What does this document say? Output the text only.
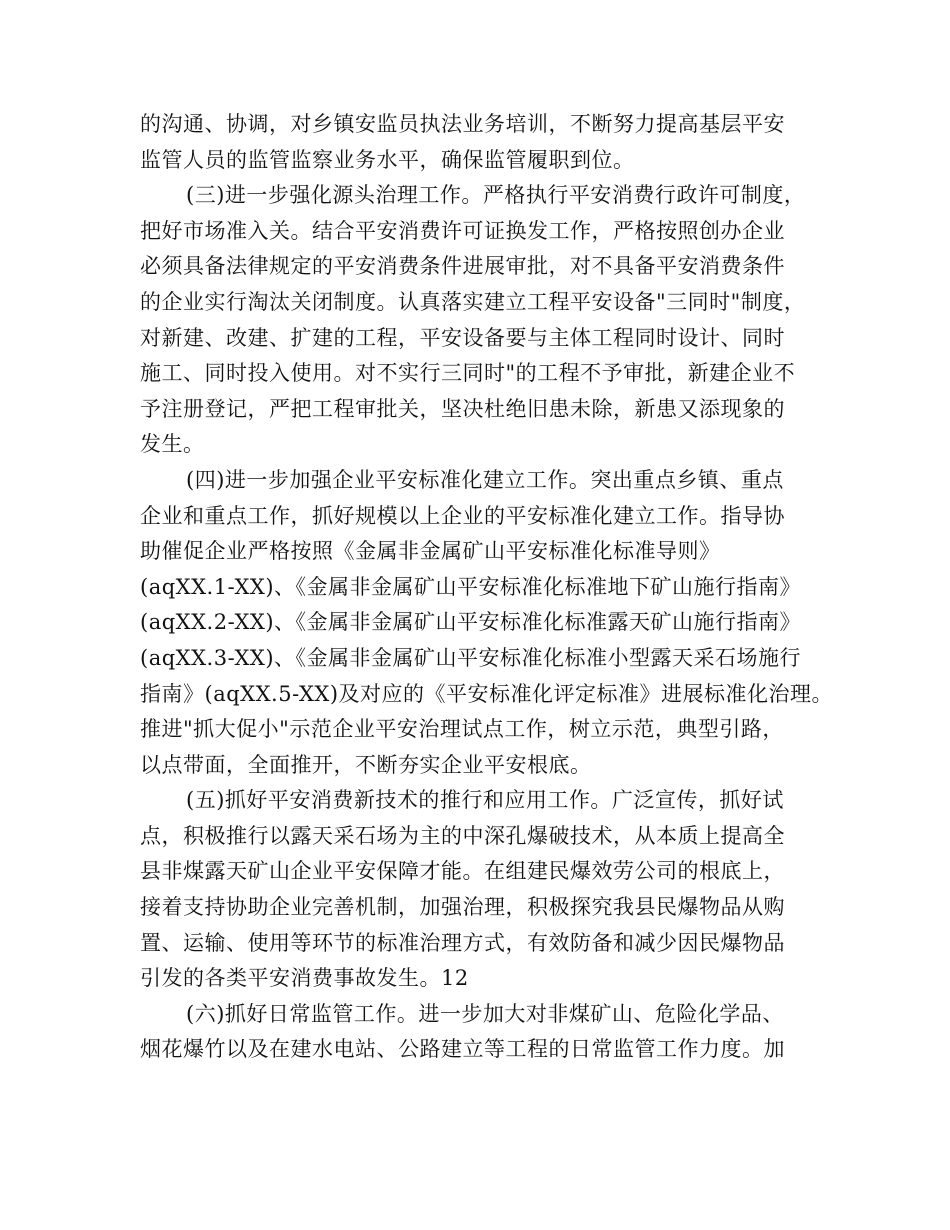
的沟通、协调，对乡镇安监员执法业务培训，不断努力提高基层平安
监管人员的监管监察业务水平，确保监管履职到位。
(三)进一步强化源头治理工作。严格执行平安消费行政许可制度，
把好市场准入关。结合平安消费许可证换发工作，严格按照创办企业
必须具备法律规定的平安消费条件进展审批，对不具备平安消费条件
的企业实行淘汰关闭制度。认真落实建立工程平安设备"三同时"制度，
对新建、改建、扩建的工程，平安设备要与主体工程同时设计、同时
施工、同时投入使用。对不实行三同时"的工程不予审批，新建企业不
予注册登记，严把工程审批关，坚决杜绝旧患未除，新患又添现象的
发生。
(四)进一步加强企业平安标准化建立工作。突出重点乡镇、重点
企业和重点工作，抓好规模以上企业的平安标准化建立工作。指导协
助催促企业严格按照《金属非金属矿山平安标准化标准导则》
(aqXX.1-XX)、《金属非金属矿山平安标准化标准地下矿山施行指南》
(aqXX.2-XX)、《金属非金属矿山平安标准化标准露天矿山施行指南》
(aqXX.3-XX)、《金属非金属矿山平安标准化标准小型露天采石场施行
指南》(aqXX.5-XX)及对应的《平安标准化评定标准》进展标准化治理。
推进"抓大促小"示范企业平安治理试点工作，树立示范，典型引路，
以点带面，全面推开，不断夯实企业平安根底。
(五)抓好平安消费新技术的推行和应用工作。广泛宣传，抓好试
点，积极推行以露天采石场为主的中深孔爆破技术，从本质上提高全
县非煤露天矿山企业平安保障才能。在组建民爆效劳公司的根底上，
接着支持协助企业完善机制，加强治理，积极探究我县民爆物品从购
置、运输、使用等环节的标准治理方式，有效防备和减少因民爆物品
引发的各类平安消费事故发生。12
(六)抓好日常监管工作。进一步加大对非煤矿山、危险化学品、
烟花爆竹以及在建水电站、公路建立等工程的日常监管工作力度。加
